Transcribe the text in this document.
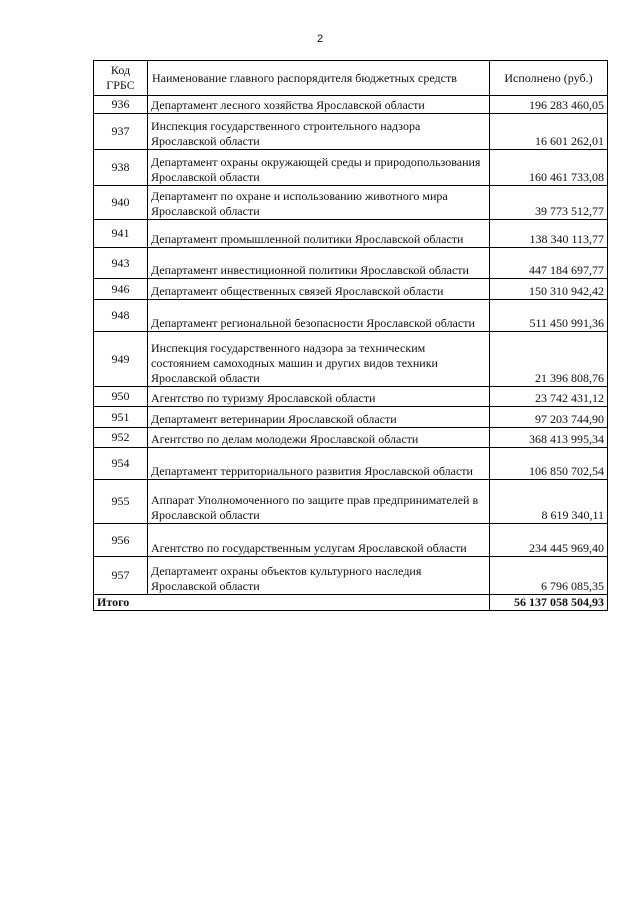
2
Код ГРБС	Наименование главного распорядителя бюджетных средств	Исполнено (руб.)
936	Департамент лесного хозяйства Ярославской области	196 283 460,05
937	Инспекция государственного строительного надзора Ярославской области	16 601 262,01
938	Департамент охраны окружающей среды и природопользования Ярославской области	160 461 733,08
940	Департамент по охране и использованию животного мира Ярославской области	39 773 512,77
941	Департамент промышленной политики Ярославской области	138 340 113,77
943	Департамент инвестиционной политики Ярославской области	447 184 697,77
946	Департамент общественных связей Ярославской области	150 310 942,42
948	Департамент региональной безопасности Ярославской области	511 450 991,36
949	Инспекция государственного надзора за техническим состоянием самоходных машин и других видов техники Ярославской области	21 396 808,76
950	Агентство по туризму Ярославской области	23 742 431,12
951	Департамент ветеринарии Ярославской области	97 203 744,90
952	Агентство по делам молодежи Ярославской области	368 413 995,34
954	Департамент территориального развития Ярославской области	106 850 702,54
955	Аппарат Уполномоченного по защите прав предпринимателей в Ярославской области	8 619 340,11
956	Агентство по государственным услугам Ярославской области	234 445 969,40
957	Департамент охраны объектов культурного наследия Ярославской области	6 796 085,35
Итого		56 137 058 504,93
